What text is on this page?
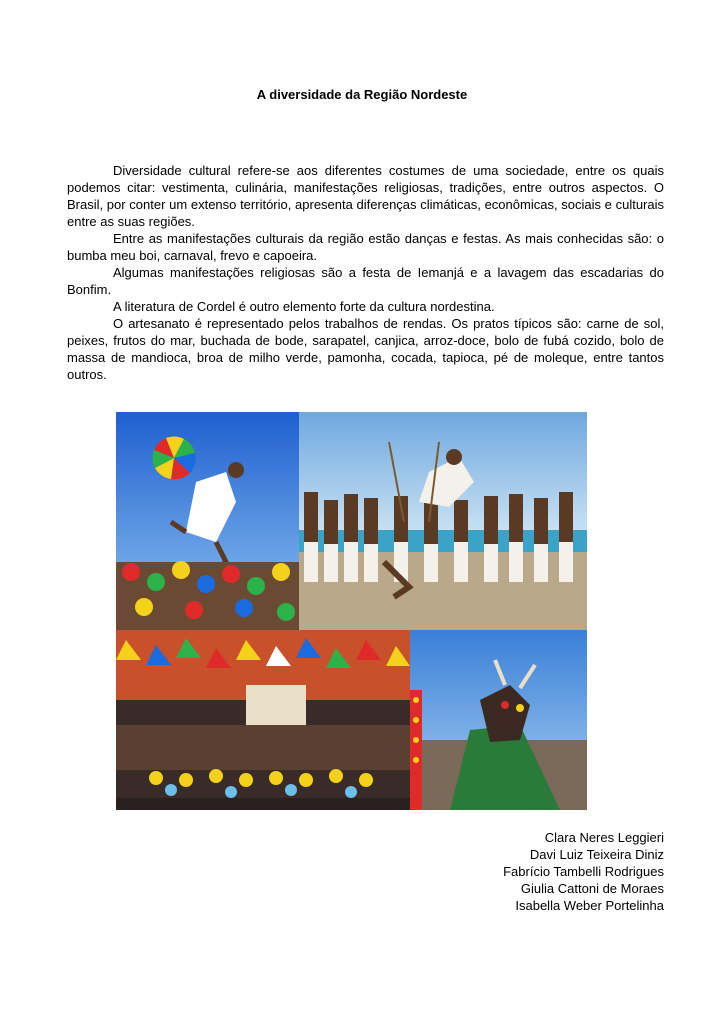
A diversidade da Região Nordeste

Diversidade cultural refere-se aos diferentes costumes de uma sociedade, entre os quais podemos citar: vestimenta, culinária, manifestações religiosas, tradições, entre outros aspectos. O Brasil, por conter um extenso território, apresenta diferenças climáticas, econômicas, sociais e culturais entre as suas regiões.

Entre as manifestações culturais da região estão danças e festas. As mais conhecidas são: o bumba meu boi, carnaval, frevo e capoeira.

Algumas manifestações religiosas são a festa de Iemanjá e a lavagem das escadarias do Bonfim.

A literatura de Cordel é outro elemento forte da cultura nordestina.

O artesanato é representado pelos trabalhos de rendas. Os pratos típicos são: carne de sol, peixes, frutos do mar, buchada de bode, sarapatel, canjica, arroz-doce, bolo de fubá cozido, bolo de massa de mandioca, broa de milho verde, pamonha, cocada, tapioca, pé de moleque, entre tantos outros.

Clara Neres Leggieri
Davi Luiz Teixeira Diniz
Fabrício Tambelli Rodrigues
Giulia Cattoni de Moraes
Isabella Weber Portelinha
